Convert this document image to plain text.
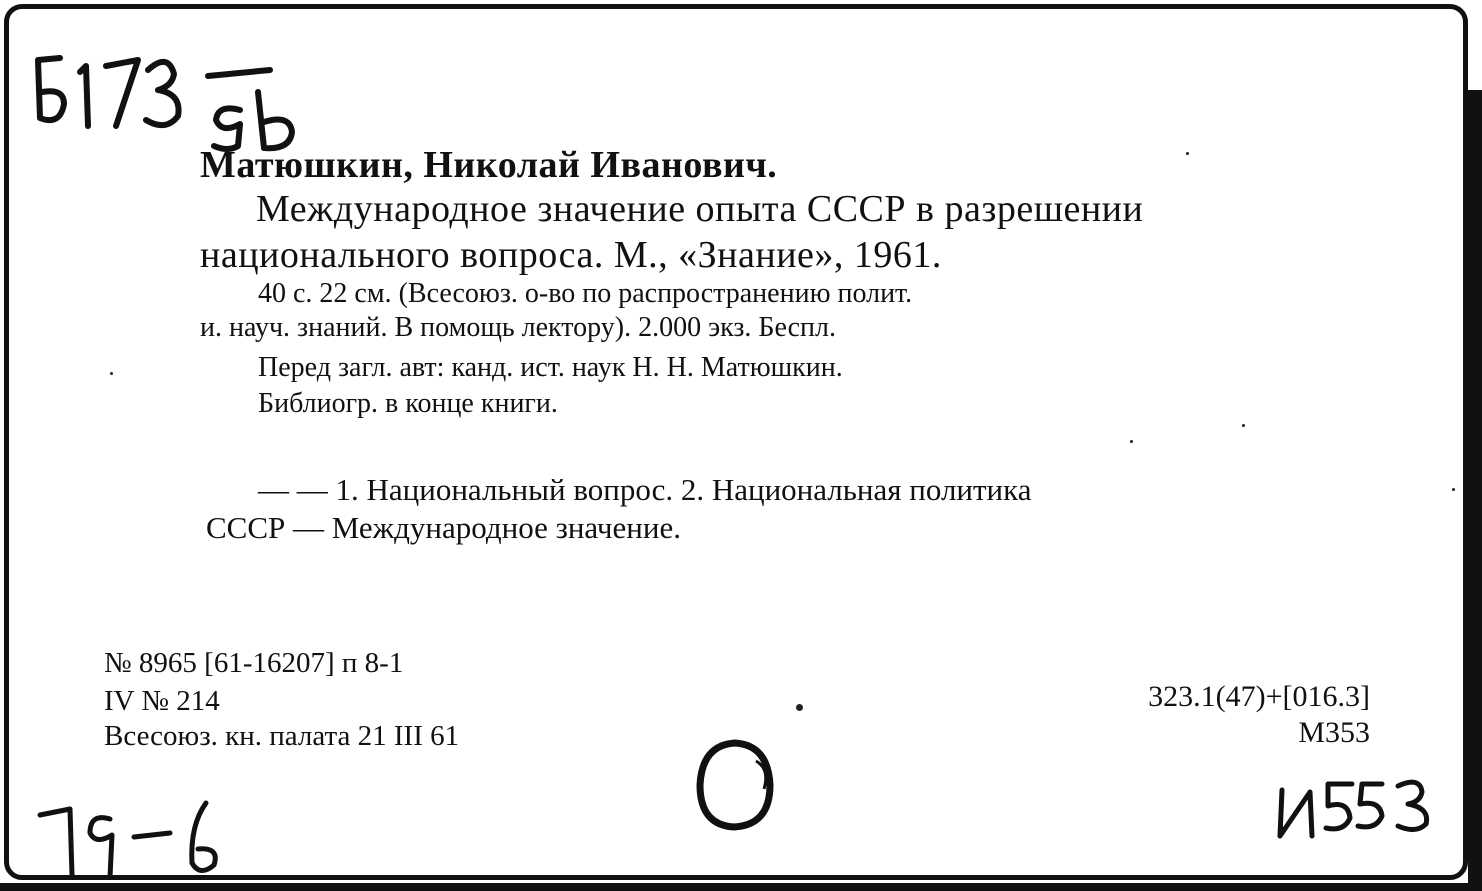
Матюшкин, Николай Иванович.
Международное значение опыта СССР в разрешении
национального вопроса. М., «Знание», 1961.
40 с. 22 см. (Всесоюз. о-во по распространению полит.
и. науч. знаний. В помощь лектору). 2.000 экз. Беспл.
Перед загл. авт: канд. ист. наук Н. Н. Матюшкин.
Библиогр. в конце книги.
— — 1. Национальный вопрос. 2. Национальная политика
СССР — Международное значение.
№ 8965 [61-16207] п 8-1
IV № 214
Всесоюз. кн. палата 21 III 61
323.1(47)+[016.3]
М353
